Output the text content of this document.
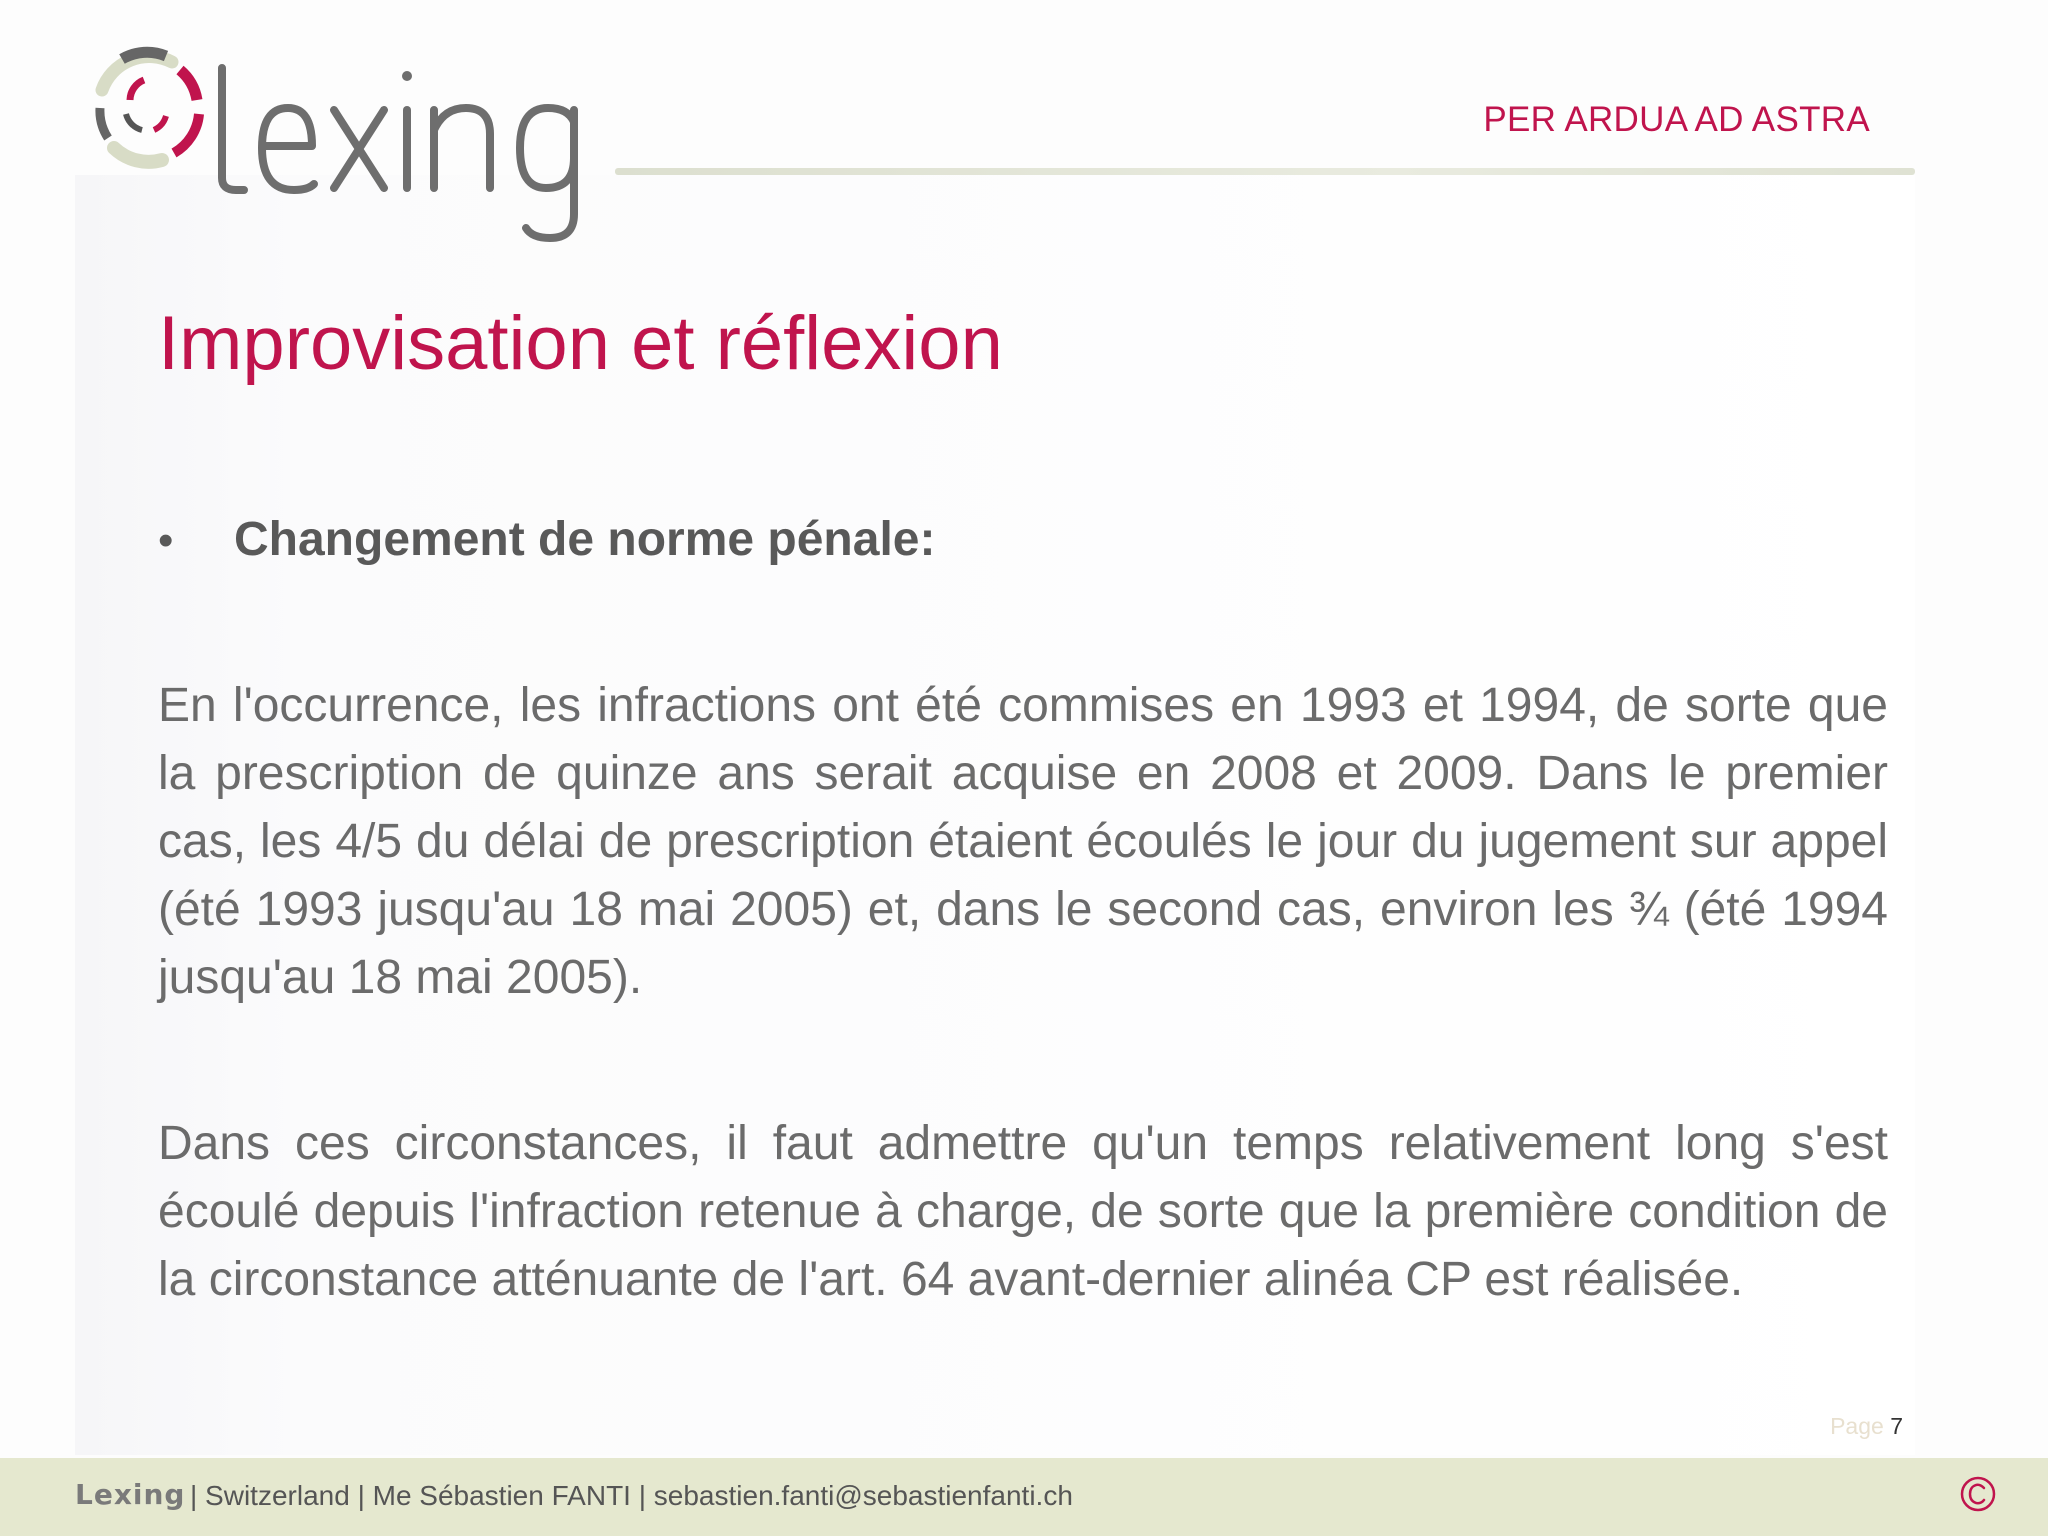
PER ARDUA AD ASTRA
Improvisation et réflexion
• Changement de norme pénale:

En l'occurrence, les infractions ont été commises en 1993 et 1994, de sorte que la prescription de quinze ans serait acquise en 2008 et 2009. Dans le premier cas, les 4/5 du délai de prescription étaient écoulés le jour du jugement sur appel (été 1993 jusqu'au 18 mai 2005) et, dans le second cas, environ les ¾ (été 1994 jusqu'au 18 mai 2005).

Dans ces circonstances, il faut admettre qu'un temps relativement long s'est écoulé depuis l'infraction retenue à charge, de sorte que la première condition de la circonstance atténuante de l'art. 64 avant-dernier alinéa CP est réalisée.

Page 7
Lexing | Switzerland | Me Sébastien FANTI | sebastien.fanti@sebastienfanti.ch
